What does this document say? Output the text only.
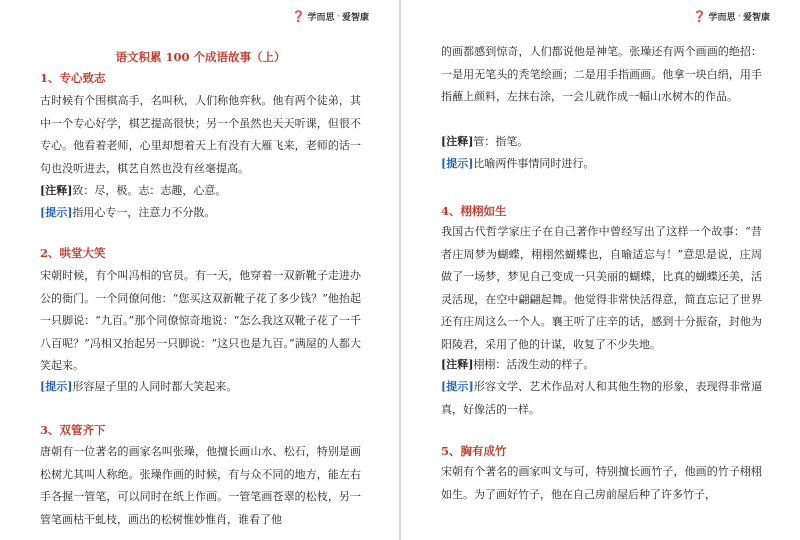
❓ 学而思 · 爱智康

语文积累 100 个成语故事（上）

1、专心致志

古时候有个围棋高手，名叫秋，人们称他弈秋。他有两个徒弟，其中一个专心好学，棋艺提高很快；另一个虽然也天天听课，但很不专心。他看着老师，心里却想着天上有没有大雁飞来，老师的话一句也没听进去，棋艺自然也没有丝毫提高。

[注释]致：尽，极。志：志趣，心意。

[提示]指用心专一，注意力不分散。

2、哄堂大笑

宋朝时候，有个叫冯相的官员。有一天，他穿着一双新靴子走进办公的衙门。一个同僚问他：“您买这双新靴子花了多少钱？”他抬起一只脚说：“九百。”那个同僚惊奇地说：“怎么我这双靴子花了一千八百呢？”冯相又抬起另一只脚说：“这只也是九百。”满屋的人都大笑起来。

[提示]形容屋子里的人同时都大笑起来。

3、双管齐下

唐朝有一位著名的画家名叫张璪，他擅长画山水、松石，特别是画松树尤其叫人称绝。张璪作画的时候，有与众不同的地方，能左右手各握一管笔，可以同时在纸上作画。一管笔画苍翠的松枝，另一管笔画枯干虬枝，画出的松树惟妙惟肖，谁看了他

❓ 学而思 · 爱智康

的画都感到惊奇，人们都说他是神笔。张璪还有两个画画的绝招：一是用无笔头的秃笔绘画；二是用手指画画。他拿一块白绢，用手指蘸上颜料，左抹右涂，一会儿就作成一幅山水树木的作品。

[注释]管：指笔。

[提示]比喻两件事情同时进行。

4、栩栩如生

我国古代哲学家庄子在自己著作中曾经写出了这样一个故事：“昔者庄周梦为蝴蝶，栩栩然蝴蝶也，自喻适忘与！”意思是说，庄周做了一场梦，梦见自己变成一只美丽的蝴蝶，比真的蝴蝶还美，活灵活现，在空中翩翩起舞。他觉得非常快活得意，简直忘记了世界还有庄周这么一个人。襄王听了庄辛的话，感到十分振奋，封他为阳陵君，采用了他的计谋，收复了不少失地。

[注释]栩栩：活泼生动的样子。

[提示]形容文学、艺术作品对人和其他生物的形象，表现得非常逼真，好像活的一样。

5、胸有成竹

宋朝有个著名的画家叫文与可，特别擅长画竹子，他画的竹子栩栩如生。为了画好竹子，他在自己房前屋后种了许多竹子，
